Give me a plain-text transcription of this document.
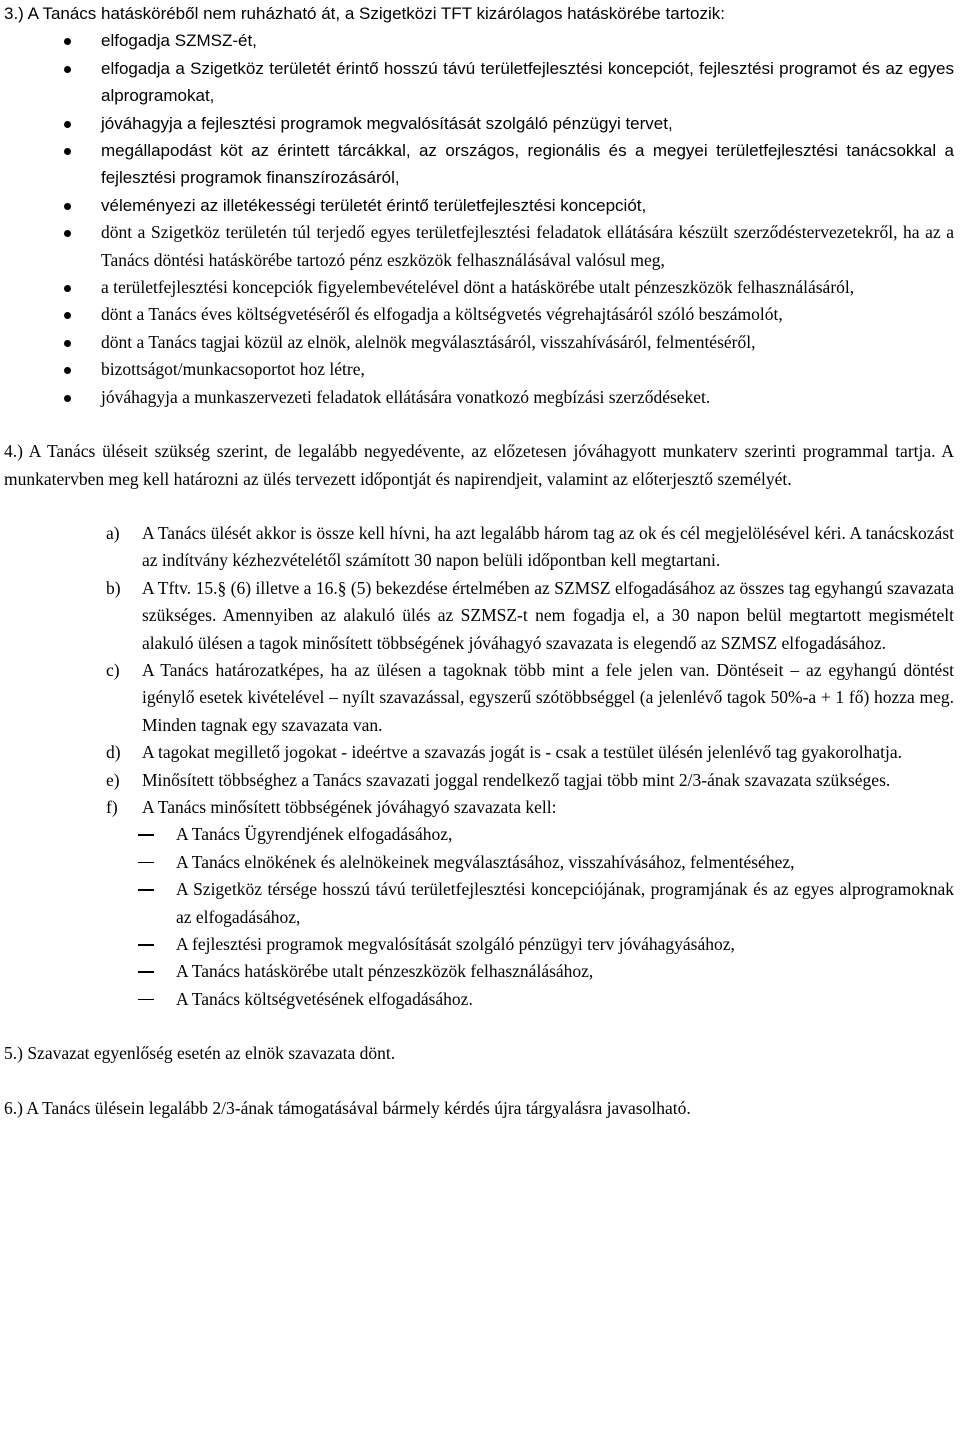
3.) A Tanács hatásköréből nem ruházható át, a Szigetközi TFT kizárólagos hatáskörébe tartozik:
elfogadja SZMSZ-ét,
elfogadja a Szigetköz területét érintő hosszú távú területfejlesztési koncepciót, fejlesztési programot és az egyes alprogramokat,
jóváhagyja a fejlesztési programok megvalósítását szolgáló pénzügyi tervet,
megállapodást köt az érintett tárcákkal, az országos, regionális és a megyei területfejlesztési tanácsokkal a fejlesztési programok finanszírozásáról,
véleményezi az illetékességi területét érintő területfejlesztési koncepciót,
dönt a Szigetköz területén túl terjedő egyes területfejlesztési feladatok ellátására készült szerződéstervezetekről, ha az a Tanács döntési hatáskörébe tartozó pénz eszközök felhasználásával valósul meg,
a területfejlesztési koncepciók figyelembevételével dönt a hatáskörébe utalt pénzeszközök felhasználásáról,
dönt a Tanács éves költségvetéséről és elfogadja a költségvetés végrehajtásáról szóló beszámolót,
dönt a Tanács tagjai közül az elnök, alelnök megválasztásáról, visszahívásáról, felmentéséről,
bizottságot/munkacsoportot hoz létre,
jóváhagyja a munkaszervezeti feladatok ellátására vonatkozó megbízási szerződéseket.

4.) A Tanács üléseit szükség szerint, de legalább negyedévente, az előzetesen jóváhagyott munkaterv szerinti programmal tartja. A munkatervben meg kell határozni az ülés tervezett időpontját és napirendjeit, valamint az előterjesztő személyét.

a) A Tanács ülését akkor is össze kell hívni, ha azt legalább három tag az ok és cél megjelölésével kéri. A tanácskozást az indítvány kézhezvételétől számított 30 napon belüli időpontban kell megtartani.
b) A Tftv. 15.§ (6) illetve a 16.§ (5) bekezdése értelmében az SZMSZ elfogadásához az összes tag egyhangú szavazata szükséges. Amennyiben az alakuló ülés az SZMSZ-t nem fogadja el, a 30 napon belül megtartott megismételt alakuló ülésen a tagok minősített többségének jóváhagyó szavazata is elegendő az SZMSZ elfogadásához.
c) A Tanács határozatképes, ha az ülésen a tagoknak több mint a fele jelen van. Döntéseit – az egyhangú döntést igénylő esetek kivételével – nyílt szavazással, egyszerű szótöbbséggel (a jelenlévő tagok 50%-a + 1 fő) hozza meg. Minden tagnak egy szavazata van.
d) A tagokat megillető jogokat - ideértve a szavazás jogát is - csak a testület ülésén jelenlévő tag gyakorolhatja.
e) Minősített többséghez a Tanács szavazati joggal rendelkező tagjai több mint 2/3-ának szavazata szükséges.
f) A Tanács minősített többségének jóváhagyó szavazata kell:
A Tanács Ügyrendjének elfogadásához,
A Tanács elnökének és alelnökeinek megválasztásához, visszahívásához, felmentéséhez,
A Szigetköz térsége hosszú távú területfejlesztési koncepciójának, programjának és az egyes alprogramoknak az elfogadásához,
A fejlesztési programok megvalósítását szolgáló pénzügyi terv jóváhagyásához,
A Tanács hatáskörébe utalt pénzeszközök felhasználásához,
A Tanács költségvetésének elfogadásához.

5.) Szavazat egyenlőség esetén az elnök szavazata dönt.

6.) A Tanács ülésein legalább 2/3-ának támogatásával bármely kérdés újra tárgyalásra javasolható.
